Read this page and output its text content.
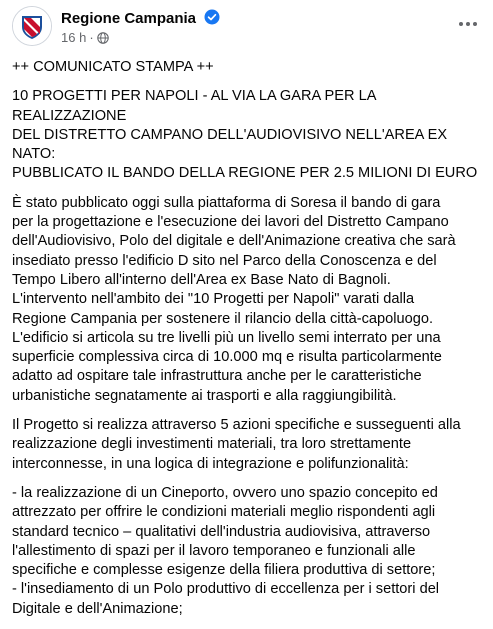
Regione Campania
16 h ·

++ COMUNICATO STAMPA ++

10 PROGETTI PER NAPOLI - AL VIA LA GARA PER LA REALIZZAZIONE
DEL DISTRETTO CAMPANO DELL'AUDIOVISIVO NELL'AREA EX NATO:
PUBBLICATO IL BANDO DELLA REGIONE PER 2.5 MILIONI DI EURO

È stato pubblicato oggi sulla piattaforma di Soresa il bando di gara
per la progettazione e l'esecuzione dei lavori del Distretto Campano
dell'Audiovisivo, Polo del digitale e dell'Animazione creativa che sarà
insediato presso l'edificio D sito nel Parco della Conoscenza e del
Tempo Libero all'interno dell'Area ex Base Nato di Bagnoli.
L'intervento nell'ambito dei "10 Progetti per Napoli" varati dalla
Regione Campania per sostenere il rilancio della città-capoluogo.
L'edificio si articola su tre livelli più un livello semi interrato per una
superficie complessiva circa di 10.000 mq e risulta particolarmente
adatto ad ospitare tale infrastruttura anche per le caratteristiche
urbanistiche segnatamente ai trasporti e alla raggiungibilità.

Il Progetto si realizza attraverso 5 azioni specifiche e susseguenti alla
realizzazione degli investimenti materiali, tra loro strettamente
interconnesse, in una logica di integrazione e polifunzionalità:

- la realizzazione di un Cineporto, ovvero uno spazio concepito ed
attrezzato per offrire le condizioni materiali meglio rispondenti agli
standard tecnico – qualitativi dell'industria audiovisiva, attraverso
l'allestimento di spazi per il lavoro temporaneo e funzionali alle
specifiche e complesse esigenze della filiera produttiva di settore;
- l'insediamento di un Polo produttivo di eccellenza per i settori del
Digitale e dell'Animazione;
